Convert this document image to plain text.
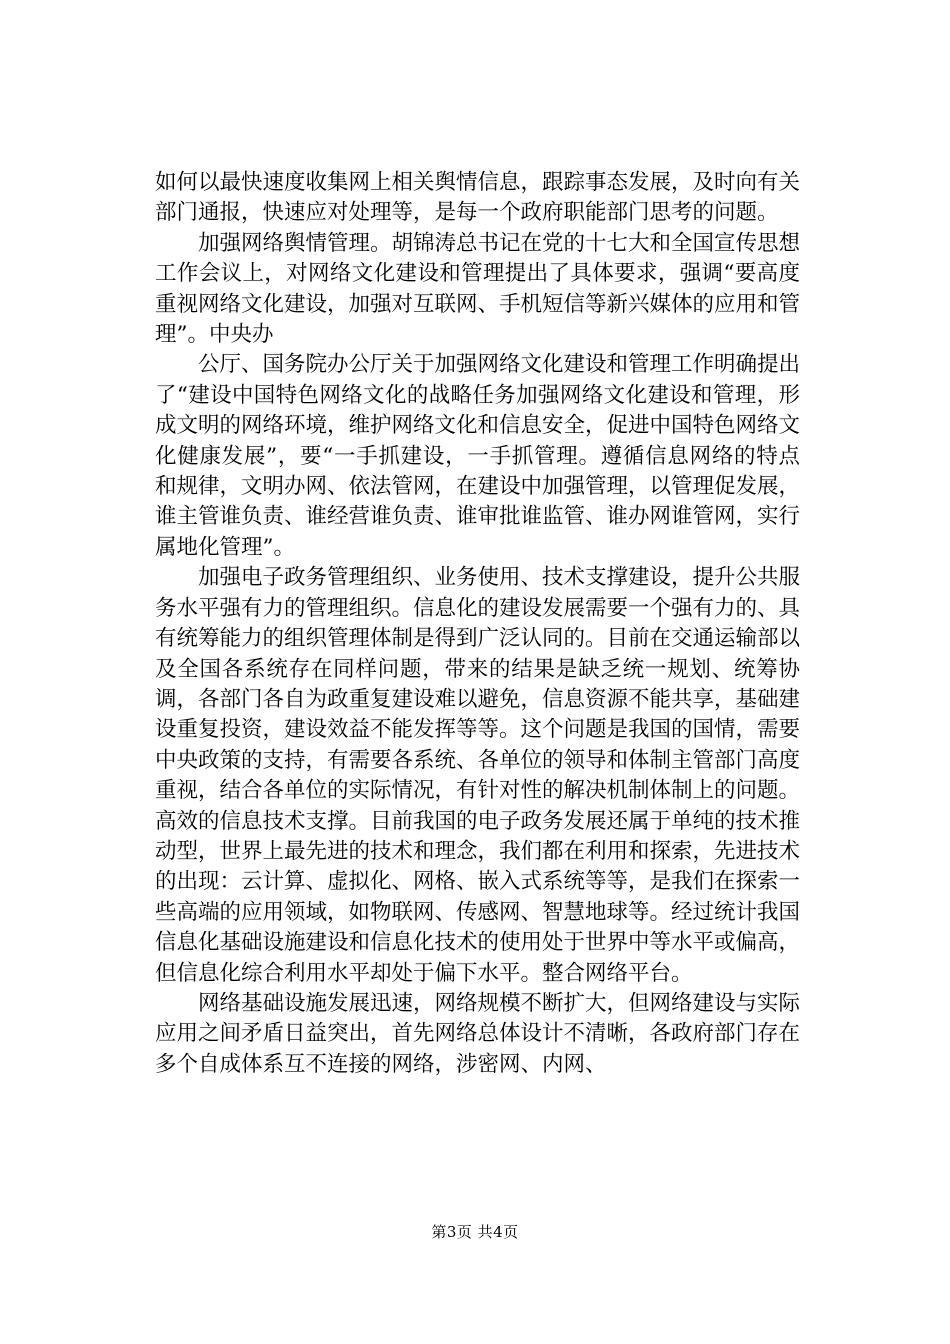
如何以最快速度收集网上相关舆情信息，跟踪事态发展，及时向有关部门通报，快速应对处理等，是每一个政府职能部门思考的问题。

加强网络舆情管理。胡锦涛总书记在党的十七大和全国宣传思想工作会议上，对网络文化建设和管理提出了具体要求，强调“要高度重视网络文化建设，加强对互联网、手机短信等新兴媒体的应用和管理”。中央办

公厅、国务院办公厅关于加强网络文化建设和管理工作明确提出了“建设中国特色网络文化的战略任务加强网络文化建设和管理，形成文明的网络环境，维护网络文化和信息安全，促进中国特色网络文化健康发展”，要“一手抓建设，一手抓管理。遵循信息网络的特点和规律，文明办网、依法管网，在建设中加强管理，以管理促发展，谁主管谁负责、谁经营谁负责、谁审批谁监管、谁办网谁管网，实行属地化管理”。

加强电子政务管理组织、业务使用、技术支撑建设，提升公共服务水平强有力的管理组织。信息化的建设发展需要一个强有力的、具有统筹能力的组织管理体制是得到广泛认同的。目前在交通运输部以及全国各系统存在同样问题，带来的结果是缺乏统一规划、统筹协调，各部门各自为政重复建设难以避免，信息资源不能共享，基础建设重复投资，建设效益不能发挥等等。这个问题是我国的国情，需要中央政策的支持，有需要各系统、各单位的领导和体制主管部门高度重视，结合各单位的实际情况，有针对性的解决机制体制上的问题。高效的信息技术支撑。目前我国的电子政务发展还属于单纯的技术推动型，世界上最先进的技术和理念，我们都在利用和探索，先进技术的出现：云计算、虚拟化、网格、嵌入式系统等等，是我们在探索一些高端的应用领域，如物联网、传感网、智慧地球等。经过统计我国信息化基础设施建设和信息化技术的使用处于世界中等水平或偏高，但信息化综合利用水平却处于偏下水平。整合网络平台。

网络基础设施发展迅速，网络规模不断扩大，但网络建设与实际应用之间矛盾日益突出，首先网络总体设计不清晰，各政府部门存在多个自成体系互不连接的网络，涉密网、内网、

第3页 共4页
